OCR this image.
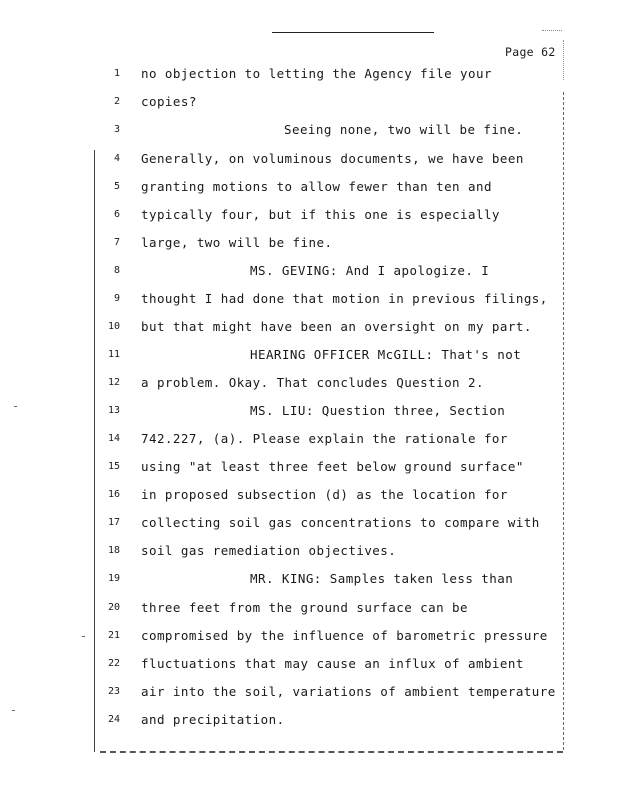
Page 62
1 no objection to letting the Agency file your
2 copies?
3	Seeing none, two will be fine.
4 Generally, on voluminous documents, we have been
5 granting motions to allow fewer than ten and
6 typically four, but if this one is especially
7 large, two will be fine.
8	MS. GEVING: And I apologize. I
9 thought I had done that motion in previous filings,
10 but that might have been an oversight on my part.
11	HEARING OFFICER McGILL: That's not
12 a problem. Okay. That concludes Question 2.
13	MS. LIU: Question three, Section
14 742.227, (a). Please explain the rationale for
15 using "at least three feet below ground surface"
16 in proposed subsection (d) as the location for
17 collecting soil gas concentrations to compare with
18 soil gas remediation objectives.
19	MR. KING: Samples taken less than
20 three feet from the ground surface can be
21 compromised by the influence of barometric pressure
22 fluctuations that may cause an influx of ambient
23 air into the soil, variations of ambient temperature
24 and precipitation.
